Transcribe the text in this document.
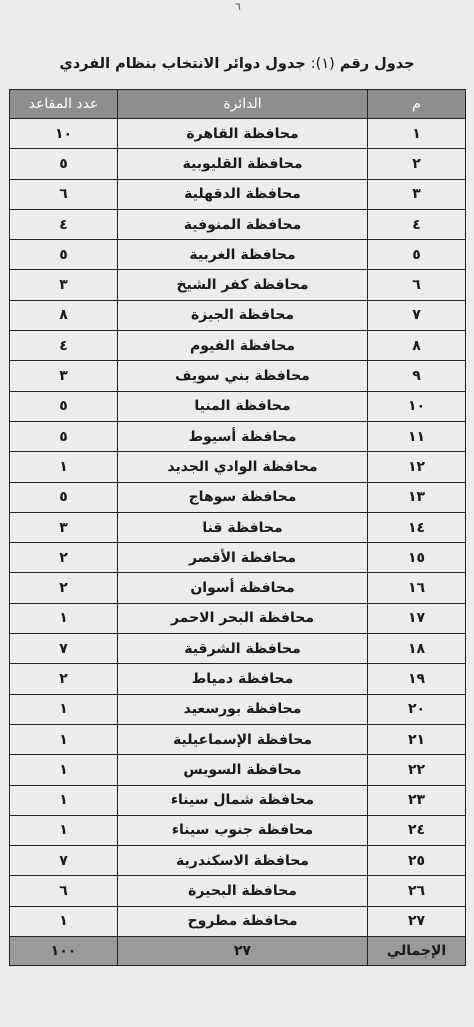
٦
جدول رقم (١): جدول دوائر الانتخاب بنظام الفردي
م	الدائرة	عدد المقاعد
١	محافظة القاهرة	١٠
٢	محافظة القليوبية	٥
٣	محافظة الدقهلية	٦
٤	محافظة المنوفية	٤
٥	محافظة الغربية	٥
٦	محافظة كفر الشيخ	٣
٧	محافظة الجيزة	٨
٨	محافظة الفيوم	٤
٩	محافظة بني سويف	٣
١٠	محافظة المنيا	٥
١١	محافظة أسيوط	٥
١٢	محافظة الوادي الجديد	١
١٣	محافظة سوهاج	٥
١٤	محافظة قنا	٣
١٥	محافظة الأقصر	٢
١٦	محافظة أسوان	٢
١٧	محافظة البحر الاحمر	١
١٨	محافظة الشرقية	٧
١٩	محافظة دمياط	٢
٢٠	محافظة بورسعيد	١
٢١	محافظة الإسماعيلية	١
٢٢	محافظة السويس	١
٢٣	محافظة شمال سيناء	١
٢٤	محافظة جنوب سيناء	١
٢٥	محافظة الاسكندرية	٧
٢٦	محافظة البحيرة	٦
٢٧	محافظة مطروح	١
الإجمالي	٢٧	١٠٠
